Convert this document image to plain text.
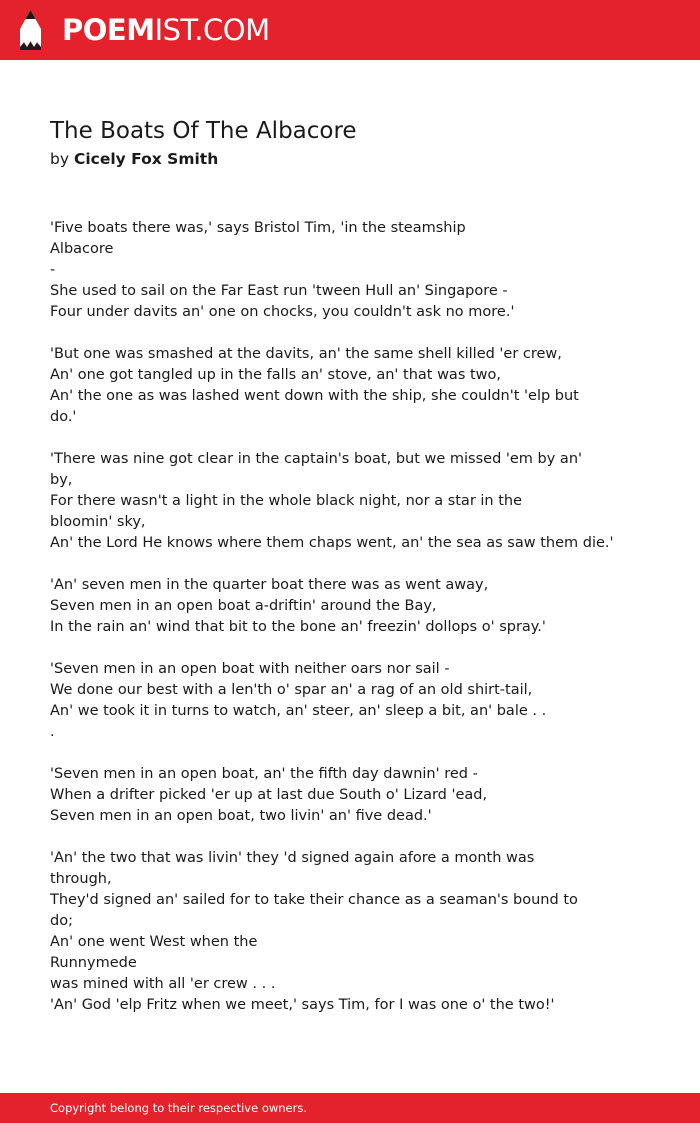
POEMIST.COM
The Boats Of The Albacore
by Cicely Fox Smith
'Five boats there was,' says Bristol Tim, 'in the steamship
Albacore
-
She used to sail on the Far East run 'tween Hull an' Singapore -
Four under davits an' one on chocks, you couldn't ask no more.'
'But one was smashed at the davits, an' the same shell killed 'er crew,
An' one got tangled up in the falls an' stove, an' that was two,
An' the one as was lashed went down with the ship, she couldn't 'elp but
do.'
'There was nine got clear in the captain's boat, but we missed 'em by an'
by,
For there wasn't a light in the whole black night, nor a star in the
bloomin' sky,
An' the Lord He knows where them chaps went, an' the sea as saw them die.'
'An' seven men in the quarter boat there was as went away,
Seven men in an open boat a-driftin' around the Bay,
In the rain an' wind that bit to the bone an' freezin' dollops o' spray.'
'Seven men in an open boat with neither oars nor sail -
We done our best with a len'th o' spar an' a rag of an old shirt-tail,
An' we took it in turns to watch, an' steer, an' sleep a bit, an' bale . .
.
'Seven men in an open boat, an' the fifth day dawnin' red -
When a drifter picked 'er up at last due South o' Lizard 'ead,
Seven men in an open boat, two livin' an' five dead.'
'An' the two that was livin' they 'd signed again afore a month was
through,
They'd signed an' sailed for to take their chance as a seaman's bound to
do;
An' one went West when the
Runnymede
was mined with all 'er crew . . .
'An' God 'elp Fritz when we meet,' says Tim, for I was one o' the two!'
Copyright belong to their respective owners.
